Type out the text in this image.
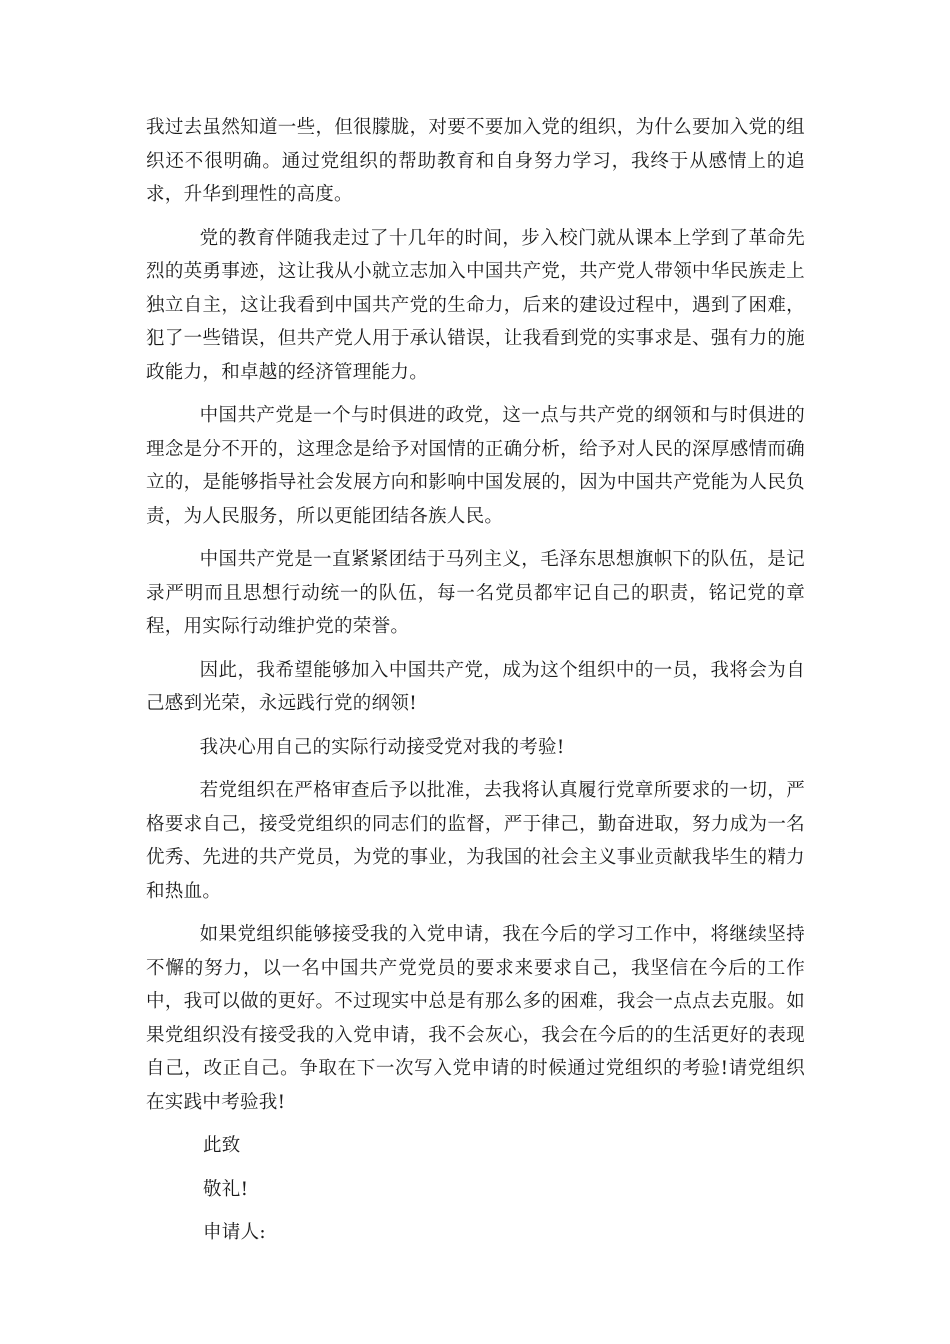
我过去虽然知道一些，但很朦胧，对要不要加入党的组织，为什么要加入党的组织还不很明确。通过党组织的帮助教育和自身努力学习，我终于从感情上的追求，升华到理性的高度。

党的教育伴随我走过了十几年的时间，步入校门就从课本上学到了革命先烈的英勇事迹，这让我从小就立志加入中国共产党，共产党人带领中华民族走上独立自主，这让我看到中国共产党的生命力，后来的建设过程中，遇到了困难，犯了一些错误，但共产党人用于承认错误，让我看到党的实事求是、强有力的施政能力，和卓越的经济管理能力。

中国共产党是一个与时俱进的政党，这一点与共产党的纲领和与时俱进的理念是分不开的，这理念是给予对国情的正确分析，给予对人民的深厚感情而确立的，是能够指导社会发展方向和影响中国发展的，因为中国共产党能为人民负责，为人民服务，所以更能团结各族人民。

中国共产党是一直紧紧团结于马列主义，毛泽东思想旗帜下的队伍，是记录严明而且思想行动统一的队伍，每一名党员都牢记自己的职责，铭记党的章程，用实际行动维护党的荣誉。

因此，我希望能够加入中国共产党，成为这个组织中的一员，我将会为自己感到光荣，永远践行党的纲领!

我决心用自己的实际行动接受党对我的考验!

若党组织在严格审查后予以批准，去我将认真履行党章所要求的一切，严格要求自己，接受党组织的同志们的监督，严于律己，勤奋进取，努力成为一名优秀、先进的共产党员，为党的事业，为我国的社会主义事业贡献我毕生的精力和热血。

如果党组织能够接受我的入党申请，我在今后的学习工作中，将继续坚持不懈的努力，以一名中国共产党党员的要求来要求自己，我坚信在今后的工作中，我可以做的更好。不过现实中总是有那么多的困难，我会一点点去克服。如果党组织没有接受我的入党申请，我不会灰心，我会在今后的的生活更好的表现自己，改正自己。争取在下一次写入党申请的时候通过党组织的考验!请党组织在实践中考验我!

此致

敬礼!

申请人:
